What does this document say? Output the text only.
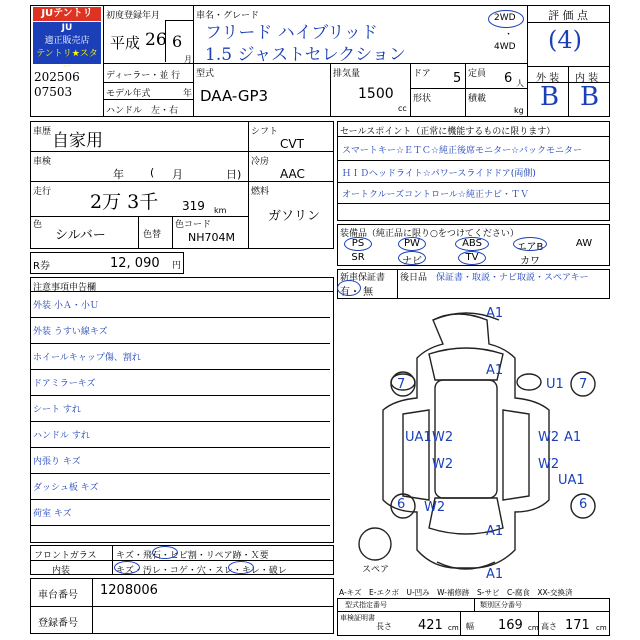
JUテントリ
JU
適正販売店
テントリ★スター
202506
07503
初度登録年月
平成 26 6
月
ディーラー・並 行
モデル年式	年
ハンドル　左・右
車名・グレード
フリード ハイブリッド
1.5 ジャストセレクション
2WD
・
4WD
型式
DAA-GP3
排気量
1500
cc
ドア 5
形状
定員 6 人
積載
kg
評 価 点
(4)
外 装 内 装
B B
車歴 自家用
車検
年 ( 月	日)
走行 2万 3千 319 km
色
シルバー	色替
色コード
NH704M
シフト
CVT
冷房
AAC
燃料
ガソリン
R券	12, 090 円
セールスポイント（正常に機能するものに限ります）
スマートキー☆ＥＴＣ☆純正後席モニター☆バックモニター
ＨＩＤヘッドライト☆パワースライドドア(両側)
オートクルーズコントロール☆純正ナビ・ＴＶ
装備品（純正品に限り○をつけてください）
PS	PW	ABS	エアB	AW
SR	ナビ	TV	カワ
新車保証書
有・ 無
後日品 保証書・取説・ナビ取説・スペアキー
注意事項申告欄
外装 小Ａ・小Ｕ
外装 うすい線キズ
ホイールキャップ傷、割れ
ドアミラーキズ
シート すれ
ハンドル すれ
内張り キズ
ダッシュ板 キズ
荷室 キズ
フロントガラス キズ・飛石・ヒビ割・リペア跡・Ｘ要
内装	キズ・汚レ・コゲ・穴・スレ・キレ・破レ
車台番号 1208006
登録番号
A1
A1
7	U1 7
UA1 W2	W2 A1
W2	W2
UA1
6 W2	6
A1
A1
スペア
A-キズ　E-エクボ　U-凹み　W-補修跡　S-サビ　C-腐食　XX-交換済
型式指定番号	類別区分番号
車検証明書
長さ 421 cm 幅 169 cm 高さ 171 cm
